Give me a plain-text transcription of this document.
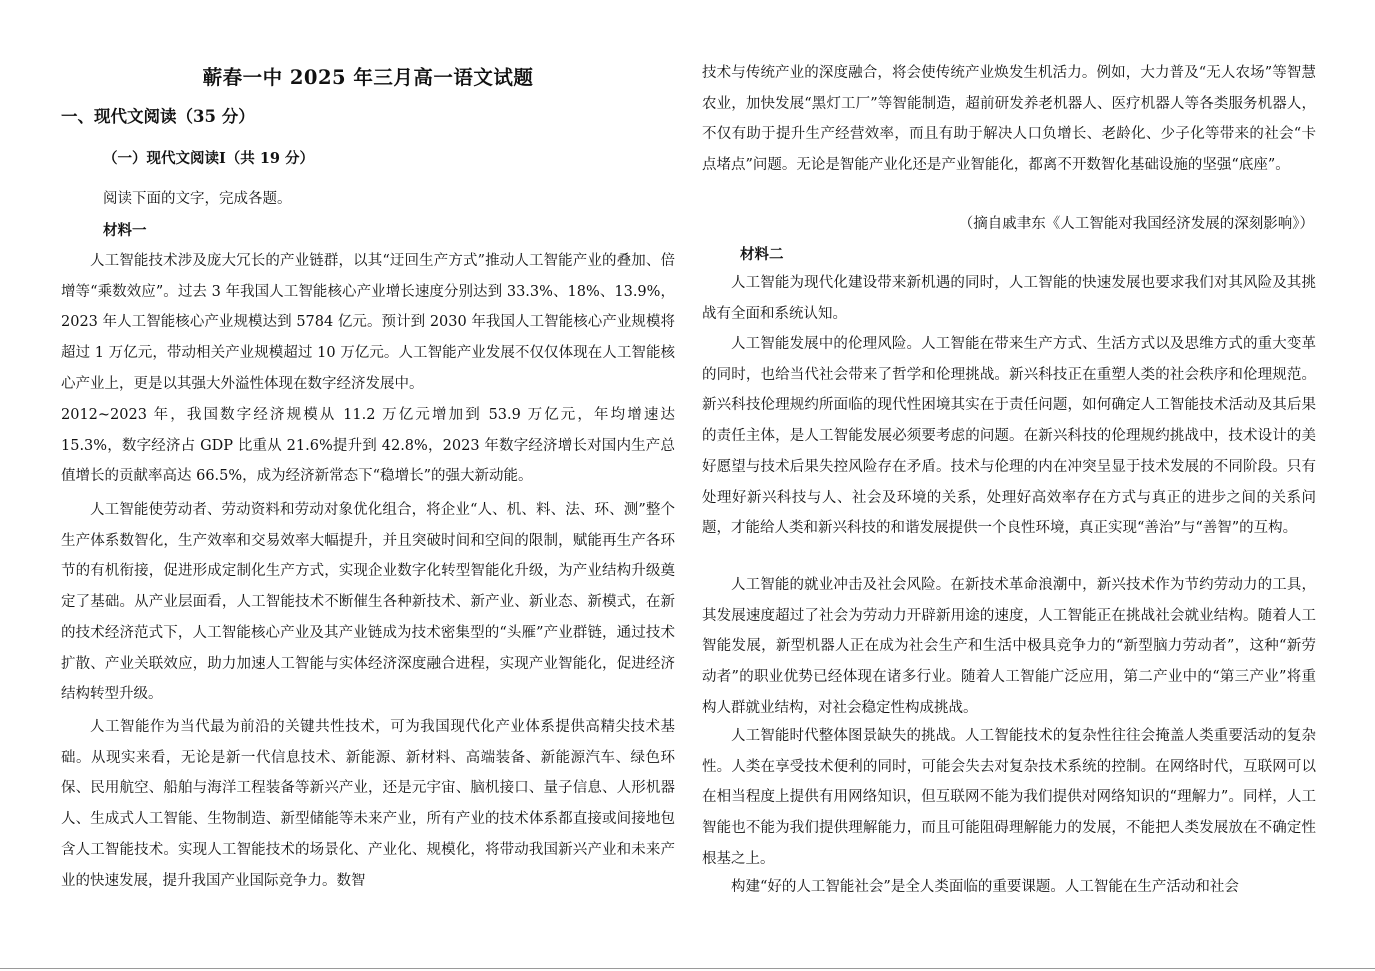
蕲春一中 2025 年三月高一语文试题
一、现代文阅读（35 分）
（一）现代文阅读Ⅰ（共 19 分）
阅读下面的文字，完成各题。
材料一
人工智能技术涉及庞大冗长的产业链群，以其“迂回生产方式”推动人工智能产业的叠加、倍增等“乘数效应”。过去 3 年我国人工智能核心产业增长速度分别达到 33.3%、18%、13.9%，2023 年人工智能核心产业规模达到 5784 亿元。预计到 2030 年我国人工智能核心产业规模将超过 1 万亿元，带动相关产业规模超过 10 万亿元。人工智能产业发展不仅仅体现在人工智能核心产业上，更是以其强大外溢性体现在数字经济发展中。
2012~2023 年，我国数字经济规模从 11.2 万亿元增加到 53.9 万亿元，年均增速达 15.3%，数字经济占 GDP 比重从 21.6%提升到 42.8%，2023 年数字经济增长对国内生产总值增长的贡献率高达 66.5%，成为经济新常态下“稳增长”的强大新动能。
人工智能使劳动者、劳动资料和劳动对象优化组合，将企业“人、机、料、法、环、测”整个生产体系数智化，生产效率和交易效率大幅提升，并且突破时间和空间的限制，赋能再生产各环节的有机衔接，促进形成定制化生产方式，实现企业数字化转型智能化升级，为产业结构升级奠定了基础。从产业层面看，人工智能技术不断催生各种新技术、新产业、新业态、新模式，在新的技术经济范式下，人工智能核心产业及其产业链成为技术密集型的“头雁”产业群链，通过技术扩散、产业关联效应，助力加速人工智能与实体经济深度融合进程，实现产业智能化，促进经济结构转型升级。
人工智能作为当代最为前沿的关键共性技术，可为我国现代化产业体系提供高精尖技术基础。从现实来看，无论是新一代信息技术、新能源、新材料、高端装备、新能源汽车、绿色环保、民用航空、船舶与海洋工程装备等新兴产业，还是元宇宙、脑机接口、量子信息、人形机器人、生成式人工智能、生物制造、新型储能等未来产业，所有产业的技术体系都直接或间接地包含人工智能技术。实现人工智能技术的场景化、产业化、规模化，将带动我国新兴产业和未来产业的快速发展，提升我国产业国际竞争力。数智
技术与传统产业的深度融合，将会使传统产业焕发生机活力。例如，大力普及“无人农场”等智慧农业，加快发展“黑灯工厂”等智能制造，超前研发养老机器人、医疗机器人等各类服务机器人，不仅有助于提升生产经营效率，而且有助于解决人口负增长、老龄化、少子化等带来的社会“卡点堵点”问题。无论是智能产业化还是产业智能化，都离不开数智化基础设施的坚强“底座”。
（摘自戚聿东《人工智能对我国经济发展的深刻影响》）
材料二
人工智能为现代化建设带来新机遇的同时，人工智能的快速发展也要求我们对其风险及其挑战有全面和系统认知。
人工智能发展中的伦理风险。人工智能在带来生产方式、生活方式以及思维方式的重大变革的同时，也给当代社会带来了哲学和伦理挑战。新兴科技正在重塑人类的社会秩序和伦理规范。新兴科技伦理规约所面临的现代性困境其实在于责任问题，如何确定人工智能技术活动及其后果的责任主体，是人工智能发展必须要考虑的问题。在新兴科技的伦理规约挑战中，技术设计的美好愿望与技术后果失控风险存在矛盾。技术与伦理的内在冲突呈显于技术发展的不同阶段。只有处理好新兴科技与人、社会及环境的关系，处理好高效率存在方式与真正的进步之间的关系问题，才能给人类和新兴科技的和谐发展提供一个良性环境，真正实现“善治”与“善智”的互构。
人工智能的就业冲击及社会风险。在新技术革命浪潮中，新兴技术作为节约劳动力的工具，其发展速度超过了社会为劳动力开辟新用途的速度，人工智能正在挑战社会就业结构。随着人工智能发展，新型机器人正在成为社会生产和生活中极具竞争力的“新型脑力劳动者”，这种“新劳动者”的职业优势已经体现在诸多行业。随着人工智能广泛应用，第二产业中的“第三产业”将重构人群就业结构，对社会稳定性构成挑战。
人工智能时代整体图景缺失的挑战。人工智能技术的复杂性往往会掩盖人类重要活动的复杂性。人类在享受技术便利的同时，可能会失去对复杂技术系统的控制。在网络时代，互联网可以在相当程度上提供有用网络知识，但互联网不能为我们提供对网络知识的“理解力”。同样，人工智能也不能为我们提供理解能力，而且可能阻碍理解能力的发展，不能把人类发展放在不确定性根基之上。
构建“好的人工智能社会”是全人类面临的重要课题。人工智能在生产活动和社会
